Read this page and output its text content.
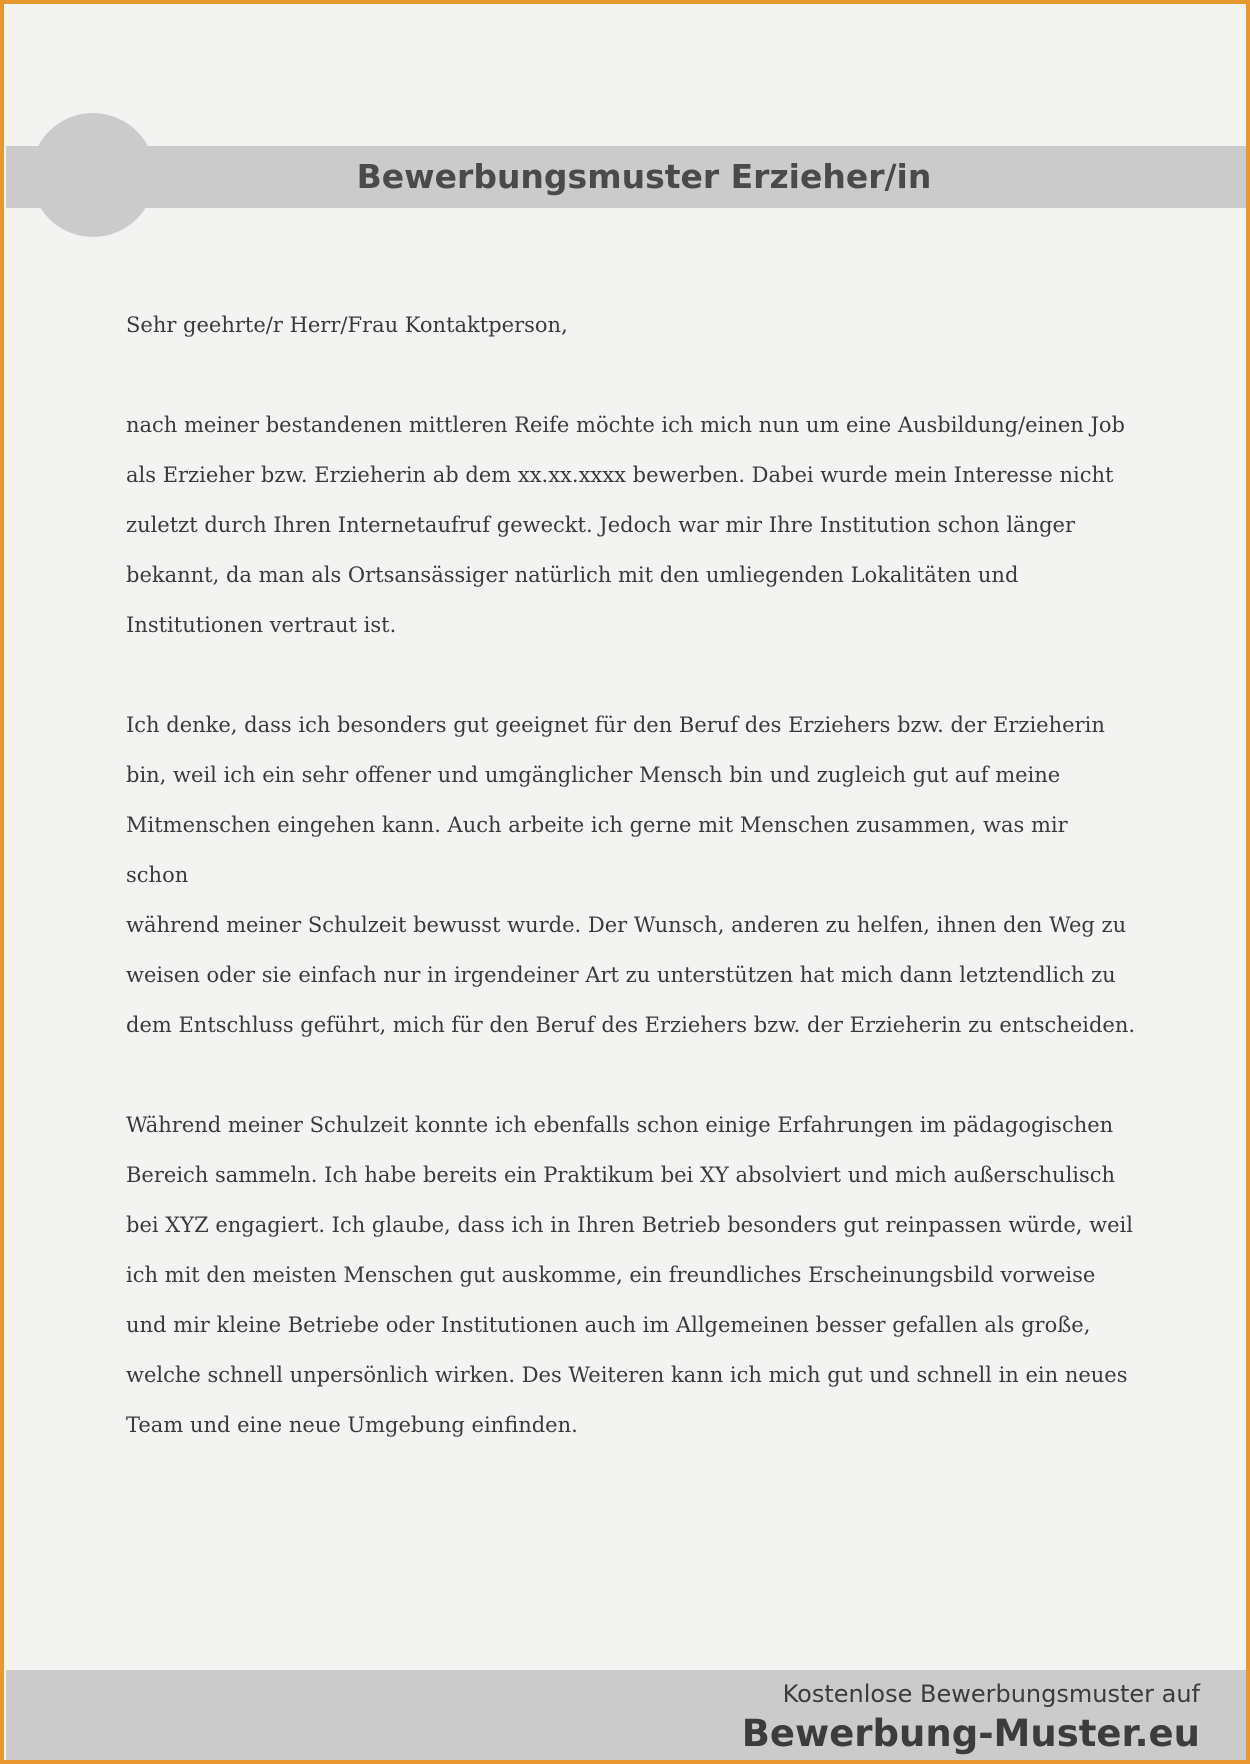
Bewerbungsmuster Erzieher/in

Sehr geehrte/r Herr/Frau Kontaktperson,

nach meiner bestandenen mittleren Reife möchte ich mich nun um eine Ausbildung/einen Job
als Erzieher bzw. Erzieherin ab dem xx.xx.xxxx bewerben. Dabei wurde mein Interesse nicht
zuletzt durch Ihren Internetaufruf geweckt. Jedoch war mir Ihre Institution schon länger
bekannt, da man als Ortsansässiger natürlich mit den umliegenden Lokalitäten und
Institutionen vertraut ist.

Ich denke, dass ich besonders gut geeignet für den Beruf des Erziehers bzw. der Erzieherin
bin, weil ich ein sehr offener und umgänglicher Mensch bin und zugleich gut auf meine
Mitmenschen eingehen kann. Auch arbeite ich gerne mit Menschen zusammen, was mir schon
während meiner Schulzeit bewusst wurde. Der Wunsch, anderen zu helfen, ihnen den Weg zu
weisen oder sie einfach nur in irgendeiner Art zu unterstützen hat mich dann letztendlich zu
dem Entschluss geführt, mich für den Beruf des Erziehers bzw. der Erzieherin zu entscheiden.

Während meiner Schulzeit konnte ich ebenfalls schon einige Erfahrungen im pädagogischen
Bereich sammeln. Ich habe bereits ein Praktikum bei XY absolviert und mich außerschulisch
bei XYZ engagiert. Ich glaube, dass ich in Ihren Betrieb besonders gut reinpassen würde, weil
ich mit den meisten Menschen gut auskomme, ein freundliches Erscheinungsbild vorweise
und mir kleine Betriebe oder Institutionen auch im Allgemeinen besser gefallen als große,
welche schnell unpersönlich wirken. Des Weiteren kann ich mich gut und schnell in ein neues
Team und eine neue Umgebung einfinden.

Kostenlose Bewerbungsmuster auf
Bewerbung-Muster.eu
